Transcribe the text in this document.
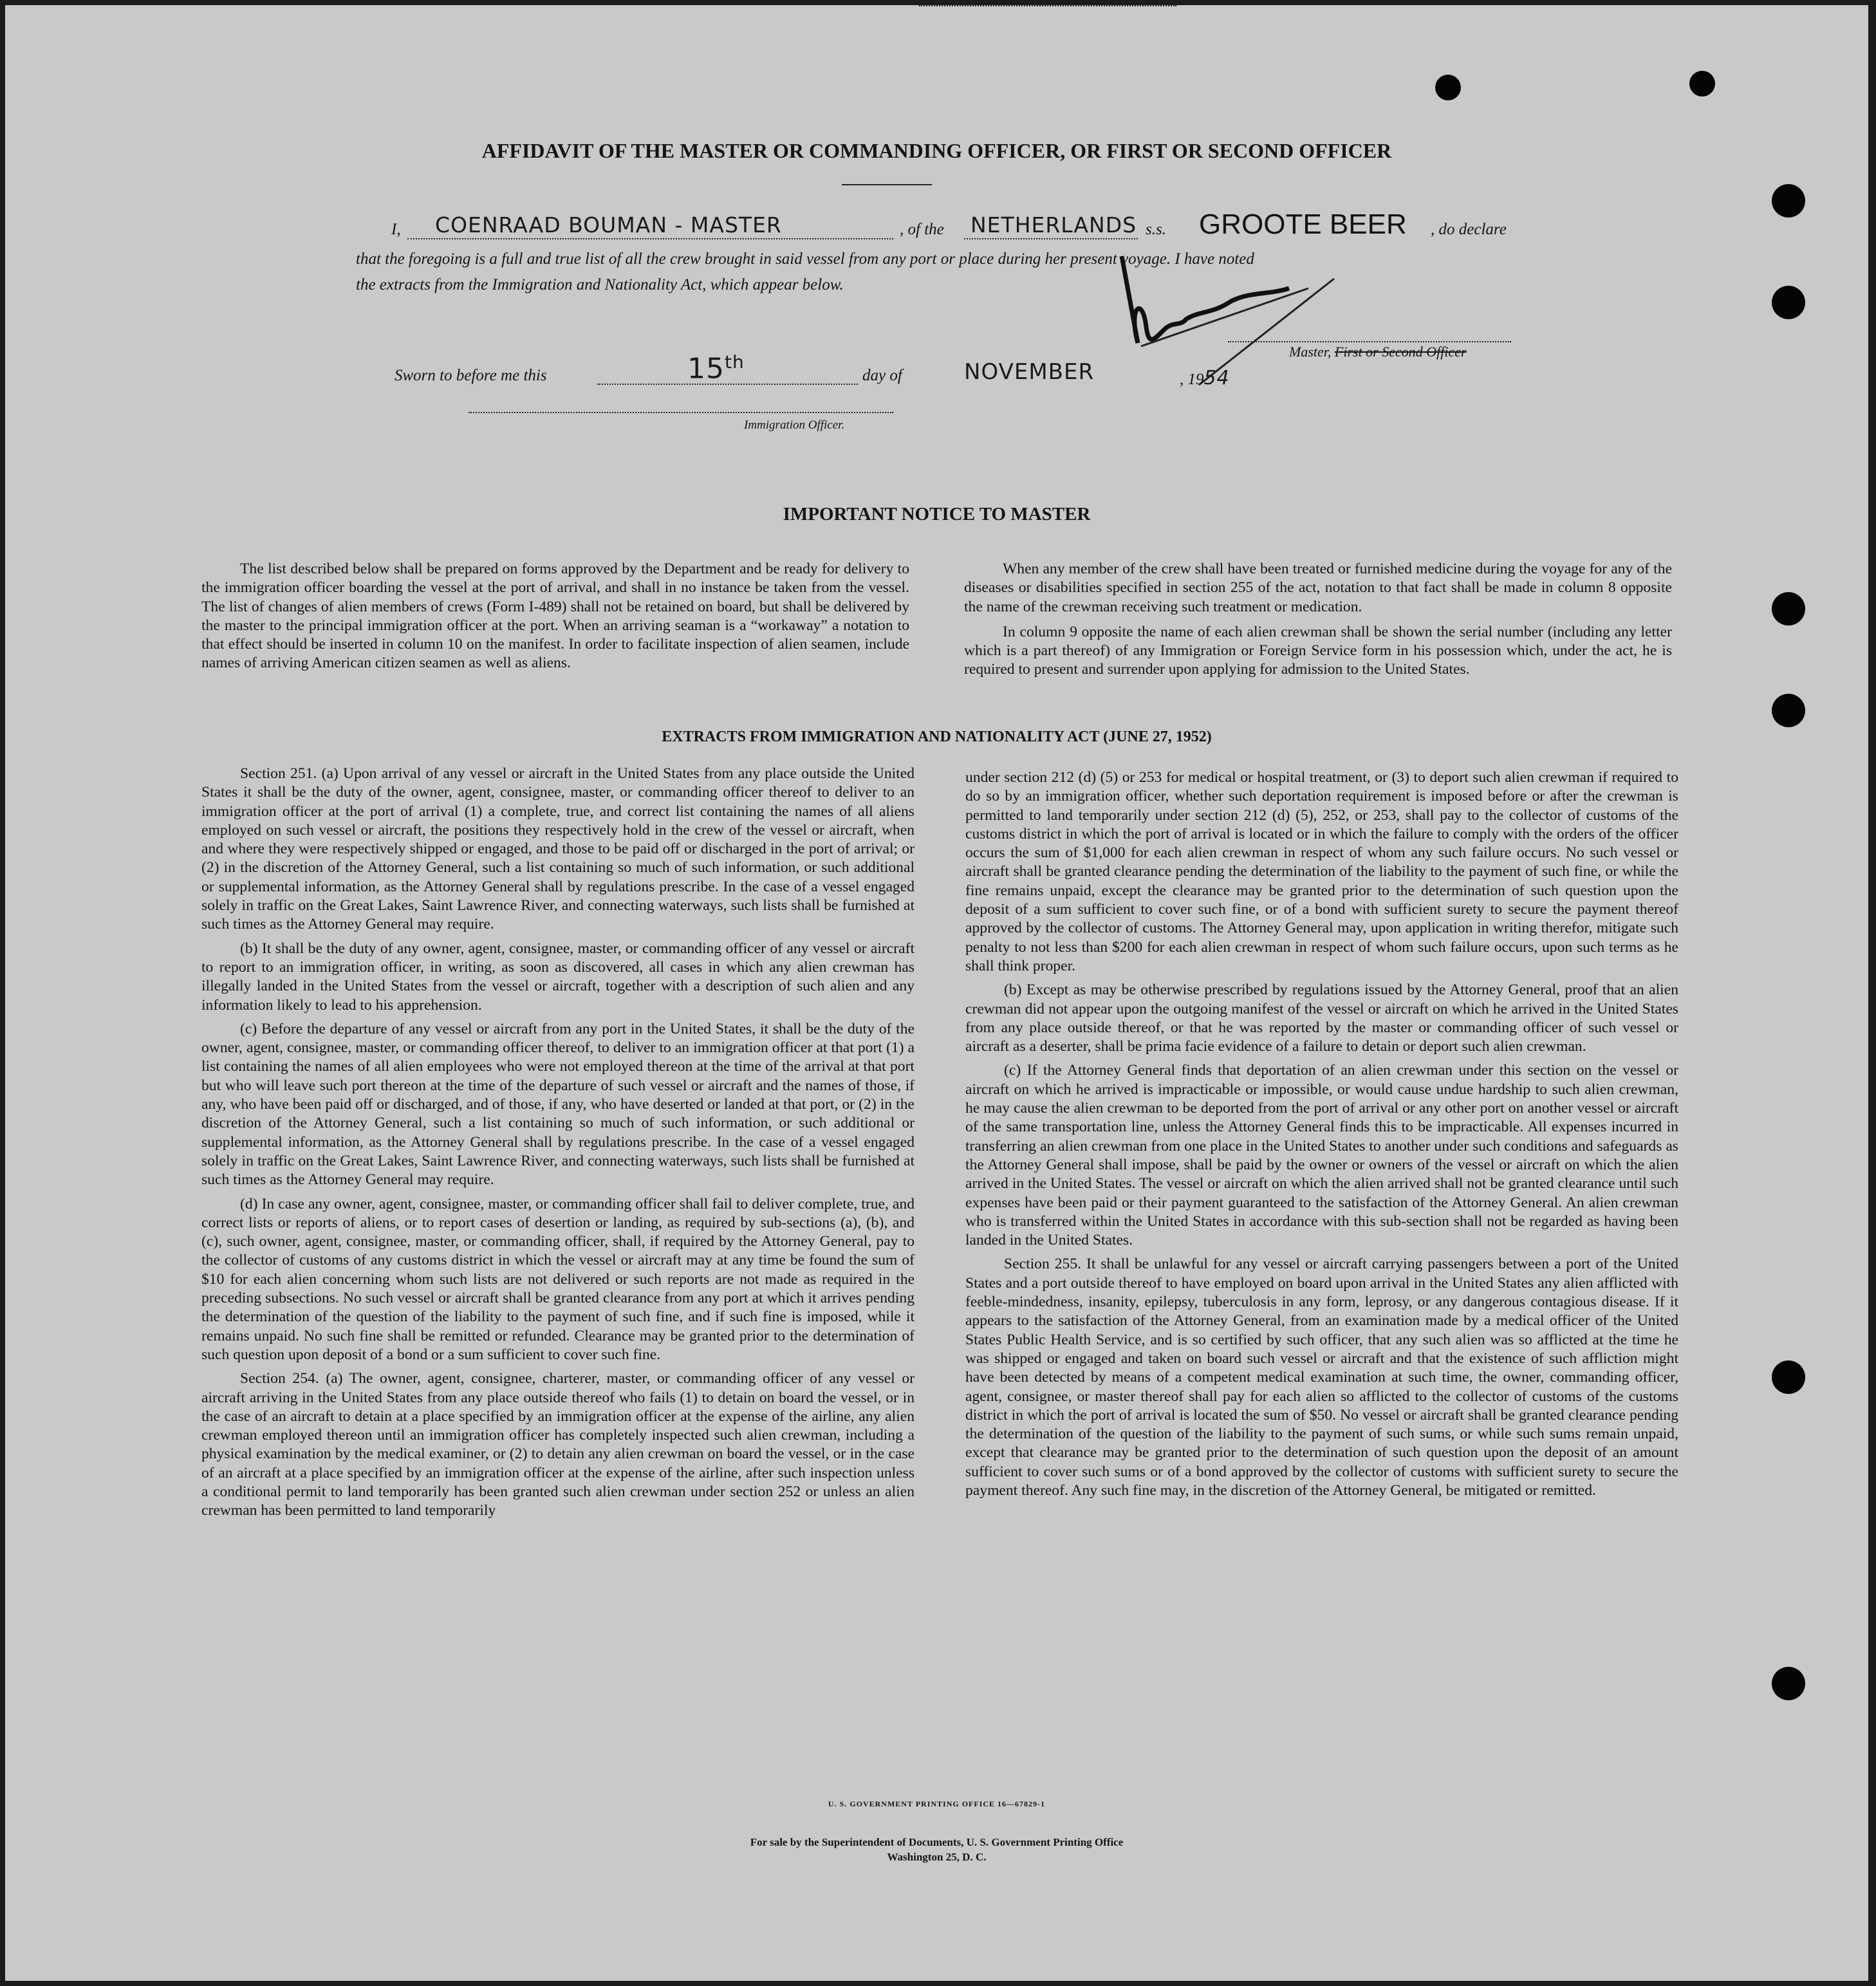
AFFIDAVIT OF THE MASTER OR COMMANDING OFFICER, OR FIRST OR SECOND OFFICER
I, COENRAAD BOUMAN - MASTER	, of the NETHERLANDS s.s. GROOTE BEER , do declare
that the foregoing is a full and true list of all the crew brought in said vessel from any port or place during her present voyage. I have noted
the extracts from the Immigration and Nationality Act, which appear below.
Master, First or Second Officer
Sworn to before me this	15th
day of	NOVEMBER	, 1954
Immigration Officer.
IMPORTANT NOTICE TO MASTER

The list described below shall be prepared on forms approved by the Department and be ready for delivery to the immigration officer boarding the vessel at the port of arrival, and shall in no instance be taken from the vessel. The list of changes of alien members of crews (Form I-489) shall not be retained on board, but shall be delivered by the master to the principal immigration officer at the port. When an arriving seaman is a “workaway” a notation to that effect should be inserted in column 10 on the manifest. In order to facilitate inspection of alien seamen, include names of arriving American citizen seamen as well as aliens.

When any member of the crew shall have been treated or furnished medicine during the voyage for any of the diseases or disabilities specified in section 255 of the act, notation to that fact shall be made in column 8 opposite the name of the crewman receiving such treatment or medication.

In column 9 opposite the name of each alien crewman shall be shown the serial number (including any letter which is a part thereof) of any Immigration or Foreign Service form in his possession which, under the act, he is required to present and surrender upon applying for admission to the United States.

EXTRACTS FROM IMMIGRATION AND NATIONALITY ACT (JUNE 27, 1952)

Section 251. (a) Upon arrival of any vessel or aircraft in the United States from any place outside the United States it shall be the duty of the owner, agent, consignee, master, or commanding officer thereof to deliver to an immigration officer at the port of arrival (1) a complete, true, and correct list containing the names of all aliens employed on such vessel or aircraft, the positions they respectively hold in the crew of the vessel or aircraft, when and where they were respectively shipped or engaged, and those to be paid off or discharged in the port of arrival; or (2) in the discretion of the Attorney General, such a list containing so much of such information, or such additional or supplemental information, as the Attorney General shall by regulations prescribe. In the case of a vessel engaged solely in traffic on the Great Lakes, Saint Lawrence River, and connecting waterways, such lists shall be furnished at such times as the Attorney General may require.

(b) It shall be the duty of any owner, agent, consignee, master, or commanding officer of any vessel or aircraft to report to an immigration officer, in writing, as soon as discovered, all cases in which any alien crewman has illegally landed in the United States from the vessel or aircraft, together with a description of such alien and any information likely to lead to his apprehension.

(c) Before the departure of any vessel or aircraft from any port in the United States, it shall be the duty of the owner, agent, consignee, master, or commanding officer thereof, to deliver to an immigration officer at that port (1) a list containing the names of all alien employees who were not employed thereon at the time of the arrival at that port but who will leave such port thereon at the time of the departure of such vessel or aircraft and the names of those, if any, who have been paid off or discharged, and of those, if any, who have deserted or landed at that port, or (2) in the discretion of the Attorney General, such a list containing so much of such information, or such additional or supplemental information, as the Attorney General shall by regulations prescribe. In the case of a vessel engaged solely in traffic on the Great Lakes, Saint Lawrence River, and connecting waterways, such lists shall be furnished at such times as the Attorney General may require.

(d) In case any owner, agent, consignee, master, or commanding officer shall fail to deliver complete, true, and correct lists or reports of aliens, or to report cases of desertion or landing, as required by sub-sections (a), (b), and (c), such owner, agent, consignee, master, or commanding officer, shall, if required by the Attorney General, pay to the collector of customs of any customs district in which the vessel or aircraft may at any time be found the sum of $10 for each alien concerning whom such lists are not delivered or such reports are not made as required in the preceding subsections. No such vessel or aircraft shall be granted clearance from any port at which it arrives pending the determination of the question of the liability to the payment of such fine, and if such fine is imposed, while it remains unpaid. No such fine shall be remitted or refunded. Clearance may be granted prior to the determination of such question upon deposit of a bond or a sum sufficient to cover such fine.

Section 254. (a) The owner, agent, consignee, charterer, master, or commanding officer of any vessel or aircraft arriving in the United States from any place outside thereof who fails (1) to detain on board the vessel, or in the case of an aircraft to detain at a place specified by an immigration officer at the expense of the airline, any alien crewman employed thereon until an immigration officer has completely inspected such alien crewman, including a physical examination by the medical examiner, or (2) to detain any alien crewman on board the vessel, or in the case of an aircraft at a place specified by an immigration officer at the expense of the airline, after such inspection unless a conditional permit to land temporarily has been granted such alien crewman under section 252 or unless an alien crewman has been permitted to land temporarily

under section 212 (d) (5) or 253 for medical or hospital treatment, or (3) to deport such alien crewman if required to do so by an immigration officer, whether such deportation requirement is imposed before or after the crewman is permitted to land temporarily under section 212 (d) (5), 252, or 253, shall pay to the collector of customs of the customs district in which the port of arrival is located or in which the failure to comply with the orders of the officer occurs the sum of $1,000 for each alien crewman in respect of whom any such failure occurs. No such vessel or aircraft shall be granted clearance pending the determination of the liability to the payment of such fine, or while the fine remains unpaid, except the clearance may be granted prior to the determination of such question upon the deposit of a sum sufficient to cover such fine, or of a bond with sufficient surety to secure the payment thereof approved by the collector of customs. The Attorney General may, upon application in writing therefor, mitigate such penalty to not less than $200 for each alien crewman in respect of whom such failure occurs, upon such terms as he shall think proper.

(b) Except as may be otherwise prescribed by regulations issued by the Attorney General, proof that an alien crewman did not appear upon the outgoing manifest of the vessel or aircraft on which he arrived in the United States from any place outside thereof, or that he was reported by the master or commanding officer of such vessel or aircraft as a deserter, shall be prima facie evidence of a failure to detain or deport such alien crewman.

(c) If the Attorney General finds that deportation of an alien crewman under this section on the vessel or aircraft on which he arrived is impracticable or impossible, or would cause undue hardship to such alien crewman, he may cause the alien crewman to be deported from the port of arrival or any other port on another vessel or aircraft of the same transportation line, unless the Attorney General finds this to be impracticable. All expenses incurred in transferring an alien crewman from one place in the United States to another under such conditions and safeguards as the Attorney General shall impose, shall be paid by the owner or owners of the vessel or aircraft on which the alien arrived in the United States. The vessel or aircraft on which the alien arrived shall not be granted clearance until such expenses have been paid or their payment guaranteed to the satisfaction of the Attorney General. An alien crewman who is transferred within the United States in accordance with this sub-section shall not be regarded as having been landed in the United States.

Section 255. It shall be unlawful for any vessel or aircraft carrying passengers between a port of the United States and a port outside thereof to have employed on board upon arrival in the United States any alien afflicted with feeble-mindedness, insanity, epilepsy, tuberculosis in any form, leprosy, or any dangerous contagious disease. If it appears to the satisfaction of the Attorney General, from an examination made by a medical officer of the United States Public Health Service, and is so certified by such officer, that any such alien was so afflicted at the time he was shipped or engaged and taken on board such vessel or aircraft and that the existence of such affliction might have been detected by means of a competent medical examination at such time, the owner, commanding officer, agent, consignee, or master thereof shall pay for each alien so afflicted to the collector of customs of the customs district in which the port of arrival is located the sum of $50. No vessel or aircraft shall be granted clearance pending the determination of the question of the liability to the payment of such sums, or while such sums remain unpaid, except that clearance may be granted prior to the determination of such question upon the deposit of an amount sufficient to cover such sums or of a bond approved by the collector of customs with sufficient surety to secure the payment thereof. Any such fine may, in the discretion of the Attorney General, be mitigated or remitted.

U. S. GOVERNMENT PRINTING OFFICE 16—67829-1
For sale by the Superintendent of Documents, U. S. Government Printing Office
Washington 25, D. C.
